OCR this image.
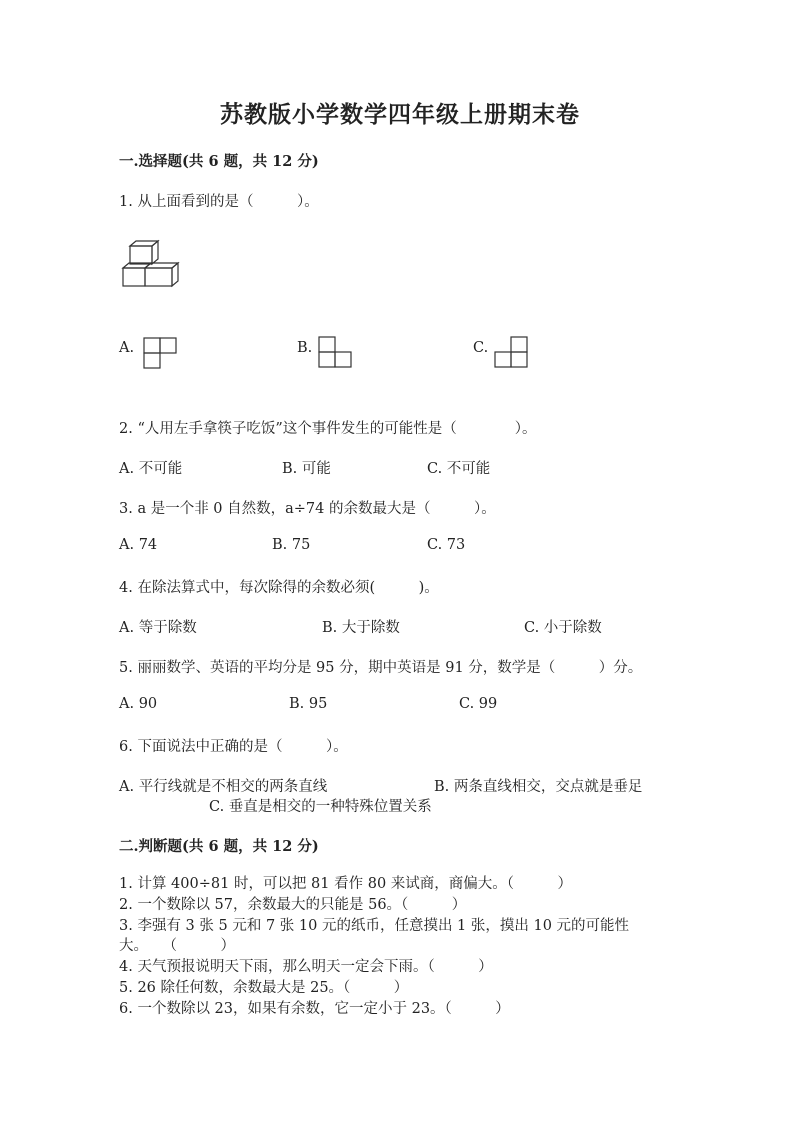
苏教版小学数学四年级上册期末卷
一.选择题(共 6 题，共 12 分)
1. 从上面看到的是（　　　）。
A.	B.	C.
2. “人用左手拿筷子吃饭”这个事件发生的可能性是（　　　　）。
A. 不可能	B. 可能	C. 不可能
3. a 是一个非 0 自然数，a÷74 的余数最大是（　　　）。
A. 74	B. 75	C. 73
4. 在除法算式中，每次除得的余数必须(　　　)。
A. 等于除数	B. 大于除数	C. 小于除数
5. 丽丽数学、英语的平均分是 95 分，期中英语是 91 分，数学是（　　　）分。
A. 90	B. 95	C. 99
6. 下面说法中正确的是（　　　）。
A. 平行线就是不相交的两条直线	B. 两条直线相交，交点就是垂足
C. 垂直是相交的一种特殊位置关系
二.判断题(共 6 题，共 12 分)
1. 计算 400÷81 时，可以把 81 看作 80 来试商，商偏大。（　　　）
2. 一个数除以 57，余数最大的只能是 56。（　　　）
3. 李强有 3 张 5 元和 7 张 10 元的纸币，任意摸出 1 张，摸出 10 元的可能性
大。　　（　　　）
4. 天气预报说明天下雨，那么明天一定会下雨。（　　　）
5. 26 除任何数，余数最大是 25。（　　　）
6. 一个数除以 23，如果有余数，它一定小于 23。（　　　）
